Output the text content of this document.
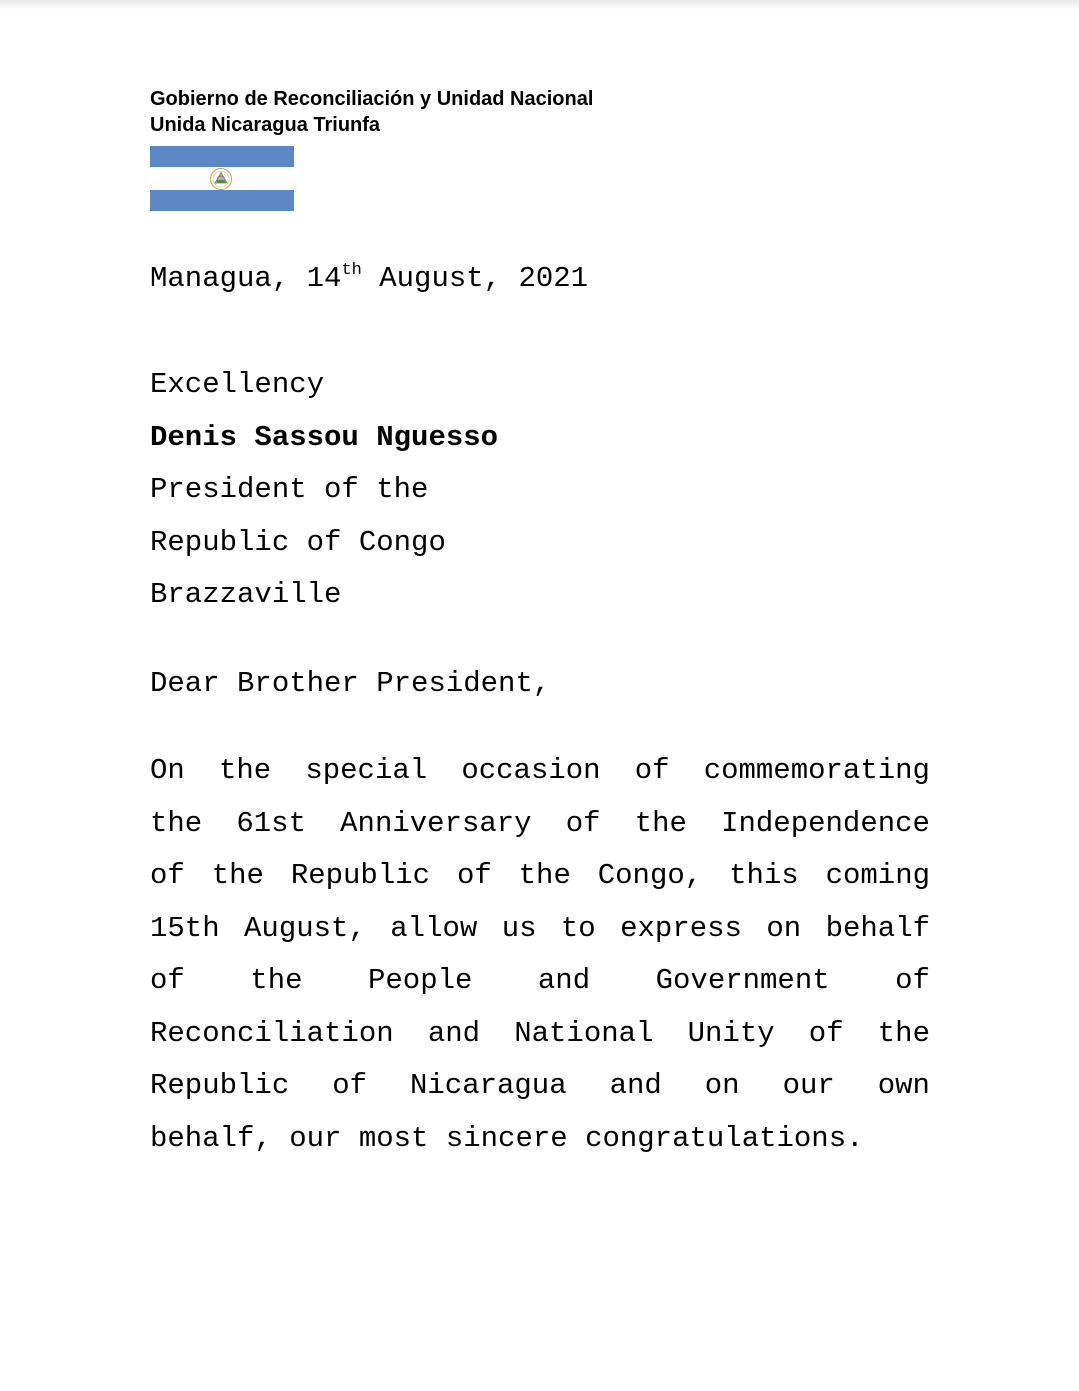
Gobierno de Reconciliación y Unidad Nacional
Unida Nicaragua Triunfa
Managua, 14th August, 2021
Excellency
Denis Sassou Nguesso
President of the
Republic of Congo
Brazzaville
Dear Brother President,
On the special occasion of commemorating
the 61st Anniversary of the Independence
of the Republic of the Congo, this coming
15th August, allow us to express on behalf
of the People and Government of
Reconciliation and National Unity of the
Republic of Nicaragua and on our own
behalf, our most sincere congratulations.
